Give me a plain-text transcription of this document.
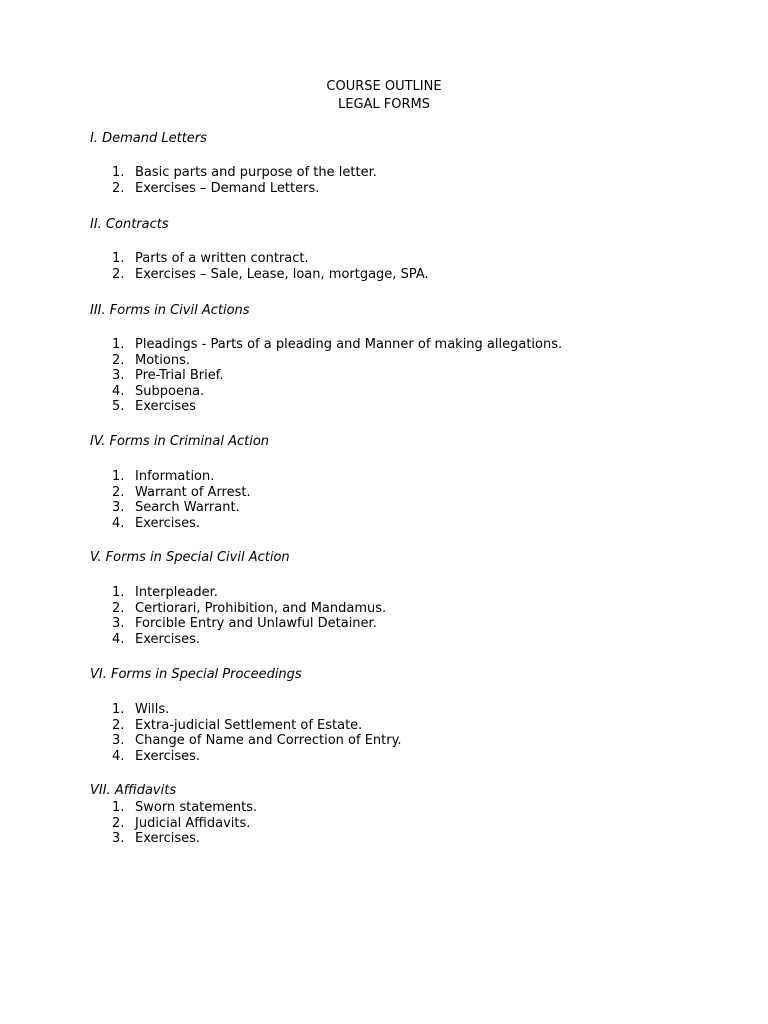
COURSE OUTLINE
LEGAL FORMS
I. Demand Letters
1. Basic parts and purpose of the letter.
2. Exercises – Demand Letters.
II. Contracts
1. Parts of a written contract.
2. Exercises – Sale, Lease, loan, mortgage, SPA.
III. Forms in Civil Actions
1. Pleadings - Parts of a pleading and Manner of making allegations.
2. Motions.
3. Pre-Trial Brief.
4. Subpoena.
5. Exercises
IV. Forms in Criminal Action
1. Information.
2. Warrant of Arrest.
3. Search Warrant.
4. Exercises.
V. Forms in Special Civil Action
1. Interpleader.
2. Certiorari, Prohibition, and Mandamus.
3. Forcible Entry and Unlawful Detainer.
4. Exercises.
VI. Forms in Special Proceedings
1. Wills.
2. Extra-judicial Settlement of Estate.
3. Change of Name and Correction of Entry.
4. Exercises.
VII. Affidavits
1. Sworn statements.
2. Judicial Affidavits.
3. Exercises.
